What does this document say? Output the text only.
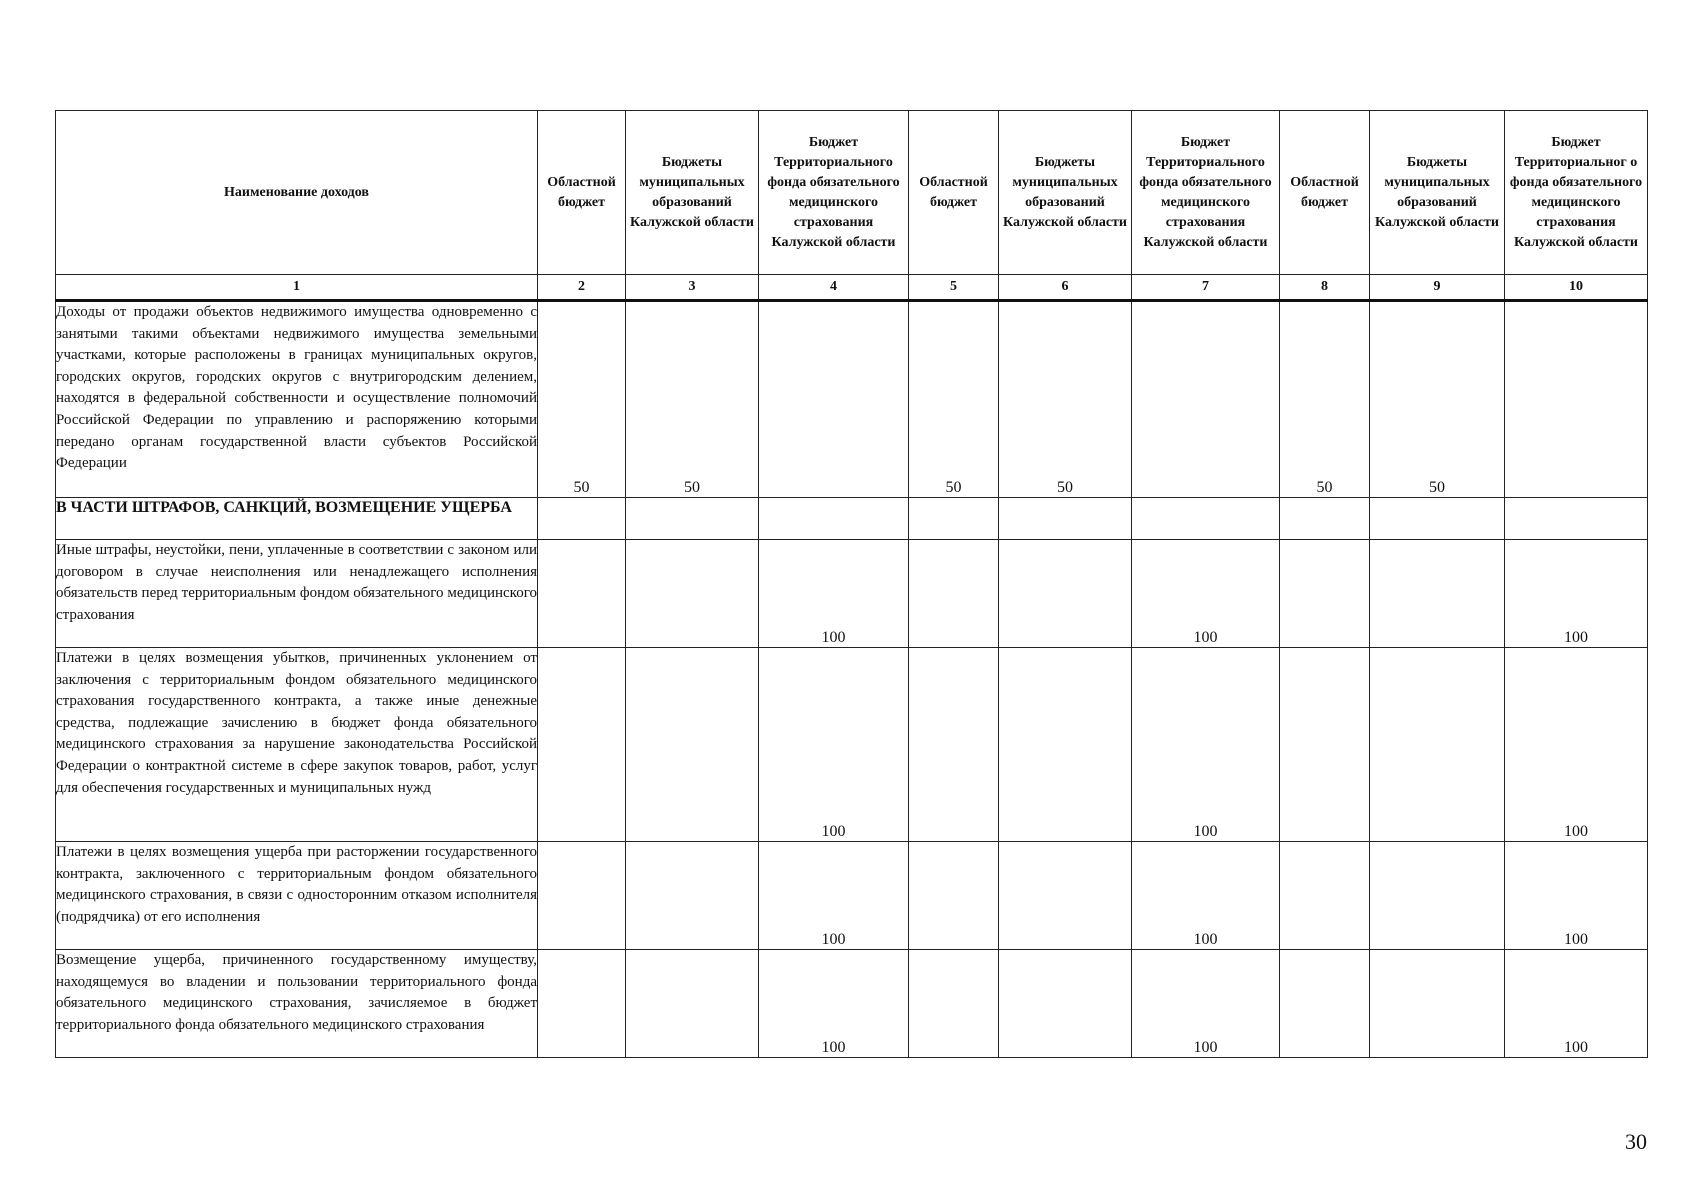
Наименование доходов	Областной бюджет	Бюджеты муниципальных образований Калужской области	Бюджет Территориального фонда обязательного медицинского страхования Калужской области	Областной бюджет	Бюджеты муниципальных образований Калужской области	Бюджет Территориального фонда обязательного медицинского страхования Калужской области	Областной бюджет	Бюджеты муниципальных образований Калужской области	Бюджет Территориальног о фонда обязательного медицинского страхования Калужской области
1	2	3	4	5	6	7	8	9	10
Доходы от продажи объектов недвижимого имущества одновременно с занятыми такими объектами недвижимого имущества земельными участками, которые расположены в границах муниципальных округов, городских округов, городских округов с внутригородским делением, находятся в федеральной собственности и осуществление полномочий Российской Федерации по управлению и распоряжению которыми передано органам государственной власти субъектов Российской Федерации	50	50		50	50		50	50	
В ЧАСТИ ШТРАФОВ, САНКЦИЙ, ВОЗМЕЩЕНИЕ УЩЕРБА									
Иные штрафы, неустойки, пени, уплаченные в соответствии с законом или договором в случае неисполнения или ненадлежащего исполнения обязательств перед территориальным фондом обязательного медицинского страхования			100			100			100
Платежи в целях возмещения убытков, причиненных уклонением от заключения с территориальным фондом обязательного медицинского страхования государственного контракта, а также иные денежные средства, подлежащие зачислению в бюджет фонда обязательного медицинского страхования за нарушение законодательства Российской Федерации о контрактной системе в сфере закупок товаров, работ, услуг для обеспечения государственных и муниципальных нужд			100			100			100
Платежи в целях возмещения ущерба при расторжении государственного контракта, заключенного с территориальным фондом обязательного медицинского страхования, в связи с односторонним отказом исполнителя (подрядчика) от его исполнения			100			100			100
Возмещение ущерба, причиненного государственному имуществу, находящемуся во владении и пользовании территориального фонда обязательного медицинского страхования, зачисляемое в бюджет территориального фонда обязательного медицинского страхования			100			100			100
30
